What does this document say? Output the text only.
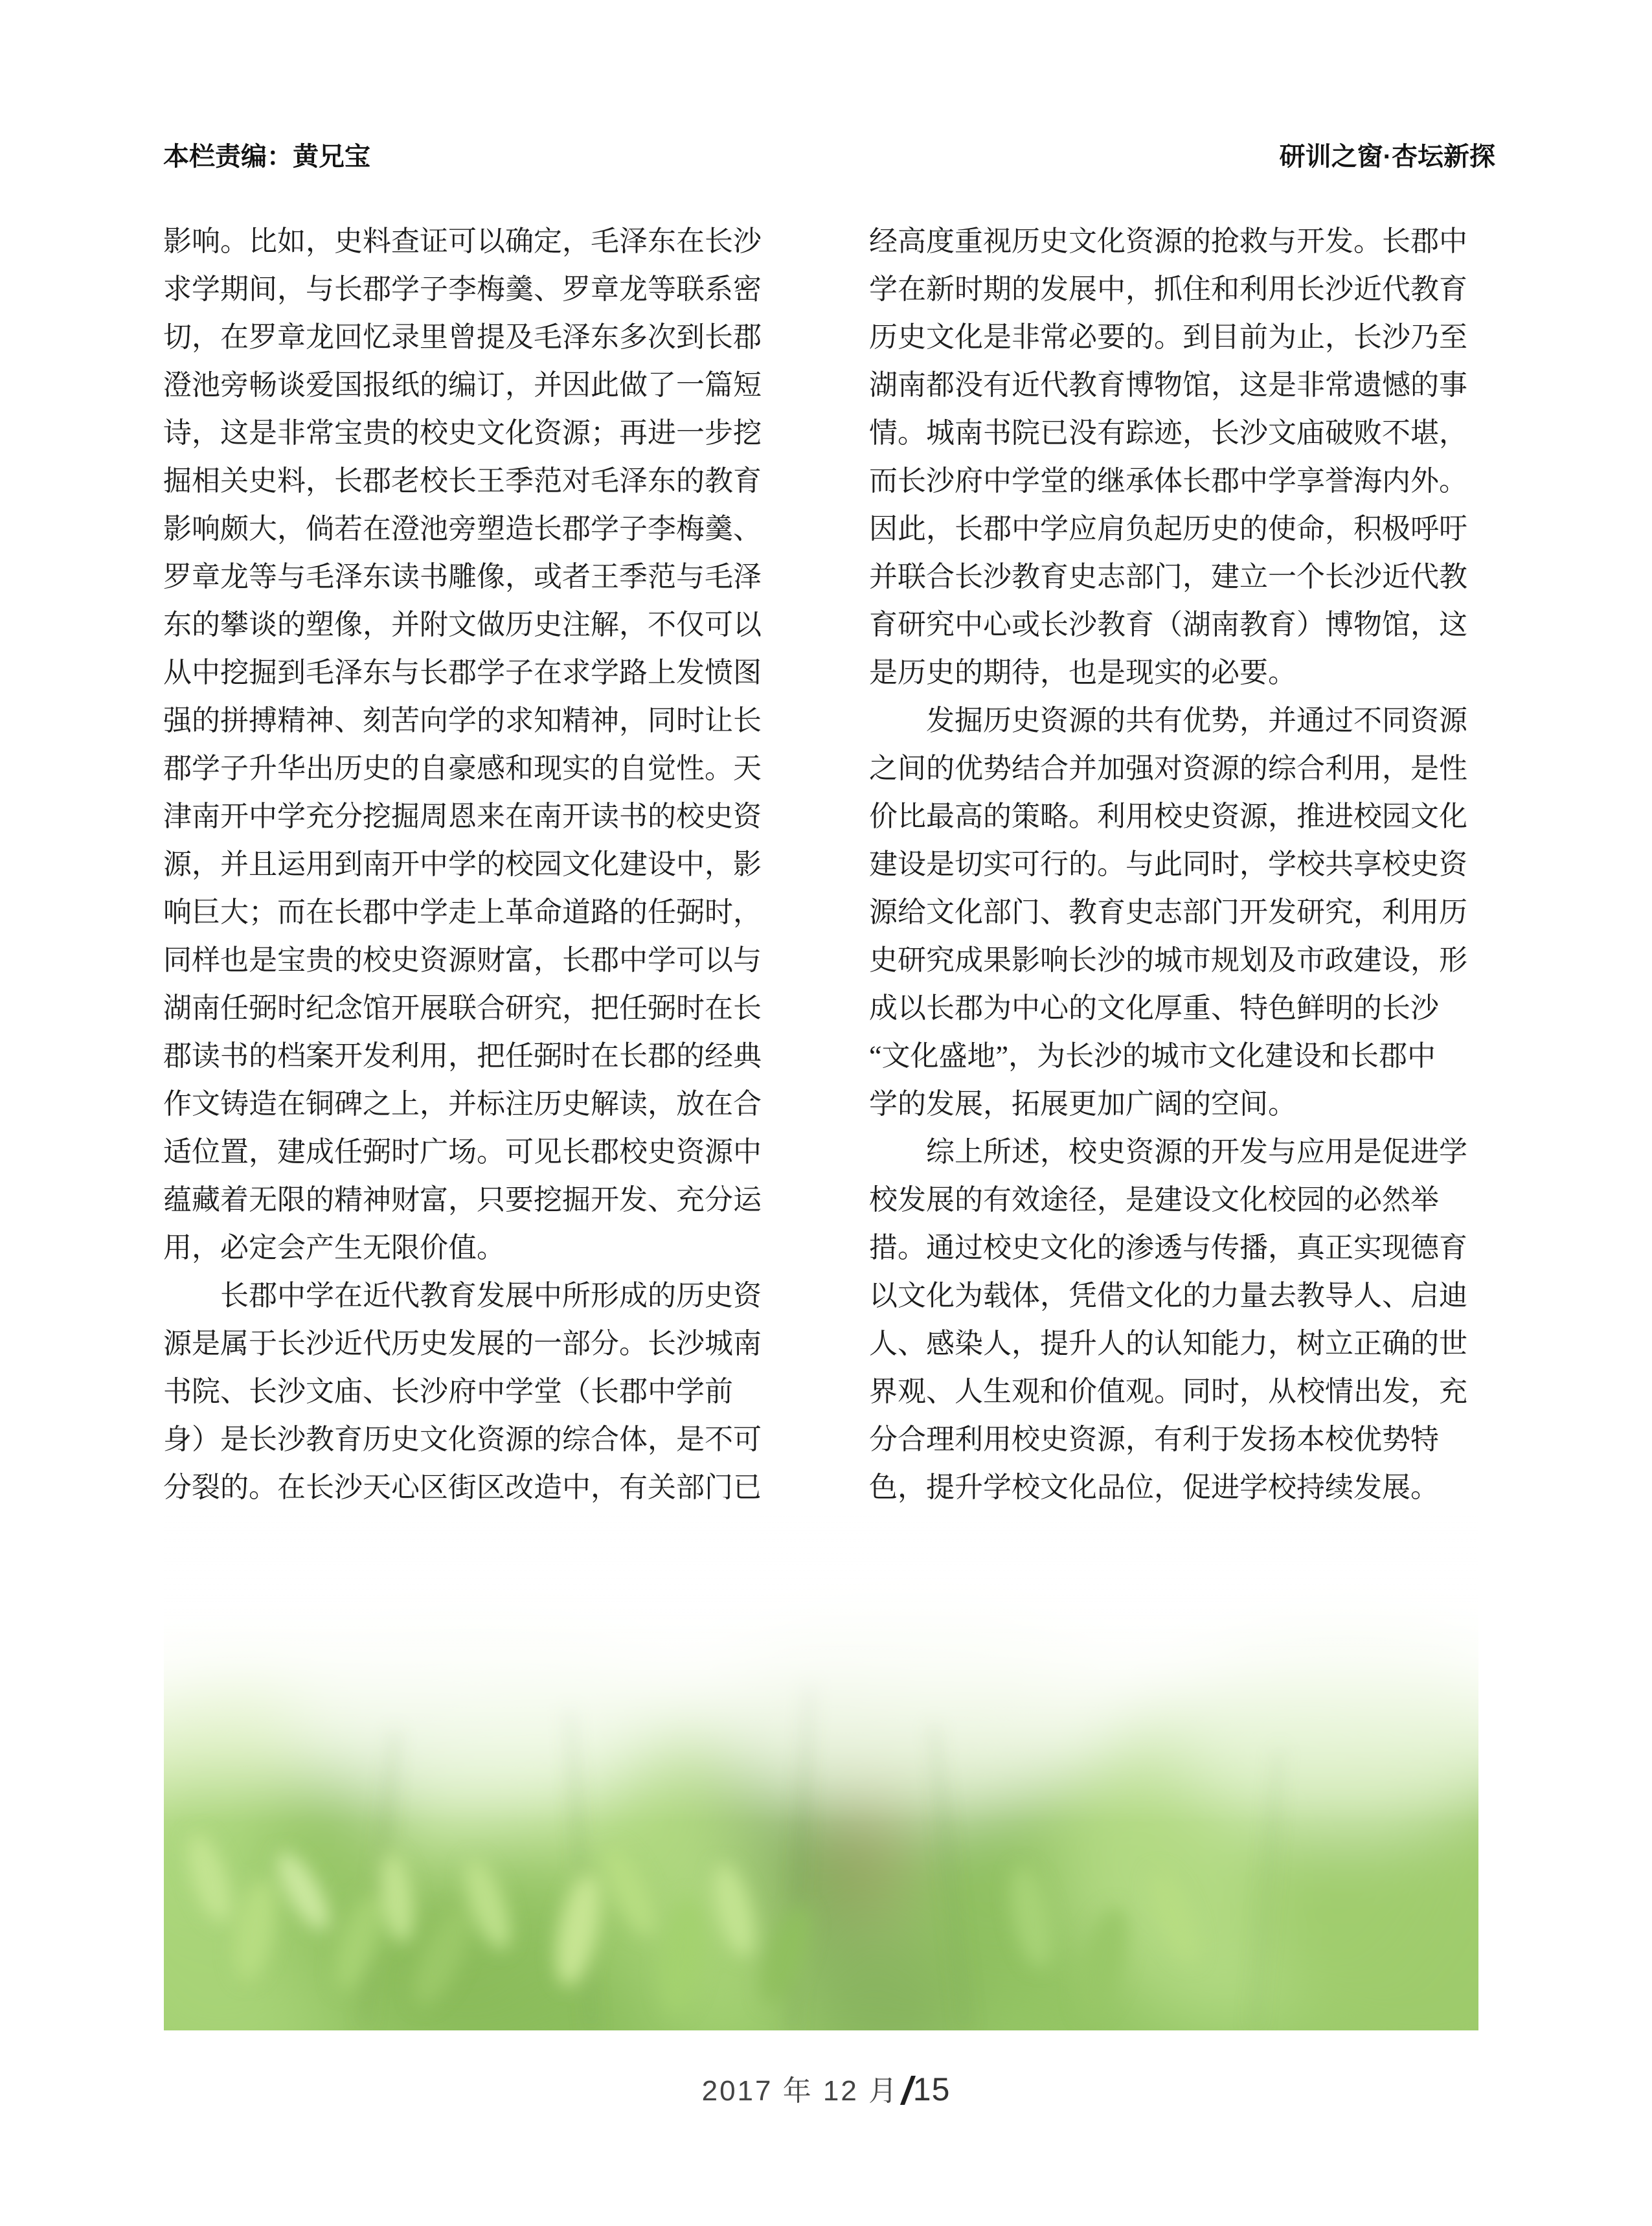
本栏责编：黄兄宝	研训之窗·杏坛新探
影响。比如，史料查证可以确定，毛泽东在长沙
求学期间，与长郡学子李梅羹、罗章龙等联系密
切，在罗章龙回忆录里曾提及毛泽东多次到长郡
澄池旁畅谈爱国报纸的编订，并因此做了一篇短
诗，这是非常宝贵的校史文化资源；再进一步挖
掘相关史料，长郡老校长王季范对毛泽东的教育
影响颇大，倘若在澄池旁塑造长郡学子李梅羹、
罗章龙等与毛泽东读书雕像，或者王季范与毛泽
东的攀谈的塑像，并附文做历史注解，不仅可以
从中挖掘到毛泽东与长郡学子在求学路上发愤图
强的拼搏精神、刻苦向学的求知精神，同时让长
郡学子升华出历史的自豪感和现实的自觉性。天
津南开中学充分挖掘周恩来在南开读书的校史资
源，并且运用到南开中学的校园文化建设中，影
响巨大；而在长郡中学走上革命道路的任弼时，
同样也是宝贵的校史资源财富，长郡中学可以与
湖南任弼时纪念馆开展联合研究，把任弼时在长
郡读书的档案开发利用，把任弼时在长郡的经典
作文铸造在铜碑之上，并标注历史解读，放在合
适位置，建成任弼时广场。可见长郡校史资源中
蕴藏着无限的精神财富，只要挖掘开发、充分运
用，必定会产生无限价值。
　　长郡中学在近代教育发展中所形成的历史资
源是属于长沙近代历史发展的一部分。长沙城南
书院、长沙文庙、长沙府中学堂（长郡中学前
身）是长沙教育历史文化资源的综合体，是不可
分裂的。在长沙天心区街区改造中，有关部门已
经高度重视历史文化资源的抢救与开发。长郡中
学在新时期的发展中，抓住和利用长沙近代教育
历史文化是非常必要的。到目前为止，长沙乃至
湖南都没有近代教育博物馆，这是非常遗憾的事
情。城南书院已没有踪迹，长沙文庙破败不堪，
而长沙府中学堂的继承体长郡中学享誉海内外。
因此，长郡中学应肩负起历史的使命，积极呼吁
并联合长沙教育史志部门，建立一个长沙近代教
育研究中心或长沙教育（湖南教育）博物馆，这
是历史的期待，也是现实的必要。
　　发掘历史资源的共有优势，并通过不同资源
之间的优势结合并加强对资源的综合利用，是性
价比最高的策略。利用校史资源，推进校园文化
建设是切实可行的。与此同时，学校共享校史资
源给文化部门、教育史志部门开发研究，利用历
史研究成果影响长沙的城市规划及市政建设，形
成以长郡为中心的文化厚重、特色鲜明的长沙
“文化盛地”，为长沙的城市文化建设和长郡中
学的发展，拓展更加广阔的空间。
　　综上所述，校史资源的开发与应用是促进学
校发展的有效途径，是建设文化校园的必然举
措。通过校史文化的渗透与传播，真正实现德育
以文化为载体，凭借文化的力量去教导人、启迪
人、感染人，提升人的认知能力，树立正确的世
界观、人生观和价值观。同时，从校情出发，充
分合理利用校史资源，有利于发扬本校优势特
色，提升学校文化品位，促进学校持续发展。
2017 年 12 月/15
